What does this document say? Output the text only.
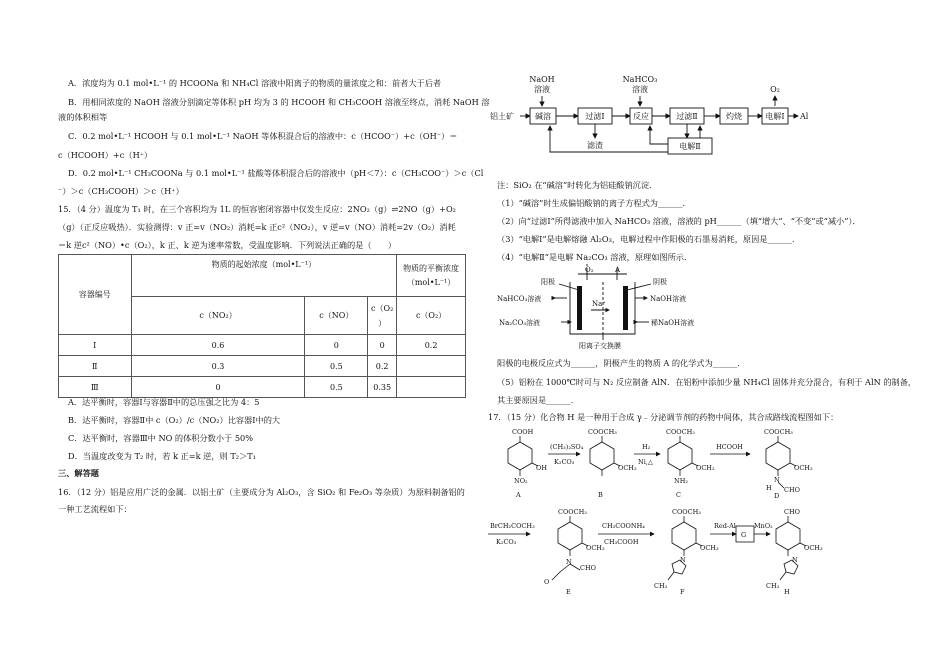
A．浓度均为 0.1 mol•L⁻¹ 的 HCOONa 和 NH₄Cl 溶液中阳离子的物质的量浓度之和：前者大于后者
B．用相同浓度的 NaOH 溶液分别滴定等体积 pH 均为 3 的 HCOOH 和 CH₃COOH 溶液至终点，消耗 NaOH 溶
液的体积相等
C．0.2 mol•L⁻¹ HCOOH 与 0.1 mol•L⁻¹ NaOH 等体积混合后的溶液中：c（HCOO⁻）+c（OH⁻）＝
c（HCOOH）+c（H⁺）
D．0.2 mol•L⁻¹ CH₃COONa 与 0.1 mol•L⁻¹ 盐酸等体积混合后的溶液中（pH＜7）：c（CH₃COO⁻）＞c（Cl
⁻）＞c（CH₃COOH）＞c（H⁺）
15．（4 分）温度为 T₁ 时，在三个容积均为 1L 的恒容密闭容器中仅发生反应：2NO₂（g）⇌2NO（g）+O₂
（g）（正反应吸热）．实验测得：v 正=v（NO₂）消耗=k 正c²（NO₂），v 逆=v（NO）消耗=2v（O₂）消耗
＝k 逆c²（NO）•c（O₂），k 正、k 逆为速率常数，受温度影响．下列说法正确的是（　　）
容器编号	物质的起始浓度（mol•L⁻¹）			物质的平衡浓度
（mol•L⁻¹）

	c（NO₂）	c（NO）	c（O₂
）	c（O₂）
Ⅰ	0.6	0	0	0.2
Ⅱ	0.3	0.5	0.2	
Ⅲ	0	0.5	0.35	
A．达平衡时，容器Ⅰ与容器Ⅱ中的总压强之比为 4：5
B．达平衡时，容器Ⅱ中 c（O₂）/c（NO₂）比容器Ⅰ中的大
C．达平衡时，容器Ⅲ中 NO 的体积分数小于 50%
D．当温度改变为 T₂ 时，若 k 正=k 逆，则 T₂＞T₁
三、解答题
16．（12 分）铝是应用广泛的金属．以铝土矿（主要成分为 Al₂O₃，含 SiO₂ 和 Fe₂O₃ 等杂质）为原料制备铝的
一种工艺流程如下：
NaOH
溶液
NaHCO₃
溶液	O₂
铝土矿	Al
滤渣
碱溶	过滤Ⅰ	反应	过滤Ⅱ	灼烧	电解Ⅰ
电解Ⅱ
注：SiO₂ 在“碱溶”时转化为铝硅酸钠沉淀.
（1）“碱溶”时生成偏铝酸钠的离子方程式为______．
（2）向“过滤Ⅰ”所得滤液中加入 NaHCO₃ 溶液，溶液的 pH______（填“增大”、“不变”或“减小”）．
（3）“电解Ⅰ”是电解熔融 Al₂O₃，电解过程中作阳极的石墨易消耗，原因是______．
（4）“电解Ⅱ”是电解 Na₂CO₃ 溶液，原理如图所示．
O₂	A
阳极	阴极
Na⁺
NaHCO₃溶液
Na₂CO₃溶液
NaOH溶液
稀NaOH溶液
阳离子交换膜
阳极的电极反应式为______，阴极产生的物质 A 的化学式为______．
（5）铝粉在 1000℃时可与 N₂ 反应制备 AlN．在铝粉中添加少量 NH₄Cl 固体并充分混合，有利于 AlN 的制备，
其主要原因是______．
17．（15 分）化合物 H 是一种用于合成 γ﹣分泌调节剂的药物中间体，其合成路线流程图如下：
COOH	COOCH₃	COOCH₃	COOCH₃
OH	OCH₃	OCH₃	OCH₃
NO₂	NH₂	N
H CHO
(CH₃)₂SO₄
K₂CO₃
H₂
Ni,△
HCOOH
A	B	C	D
COOCH₃	COOCH₃	CHO
OCH₃	OCH₃	OCH₃
N
CHO
O
N	N
CH₃	CH₃
BrCH₂COCH₃
K₂CO₃
CH₃COONH₄
CH₃COOH
Red-Al
G
MnO₂
E	F	H
